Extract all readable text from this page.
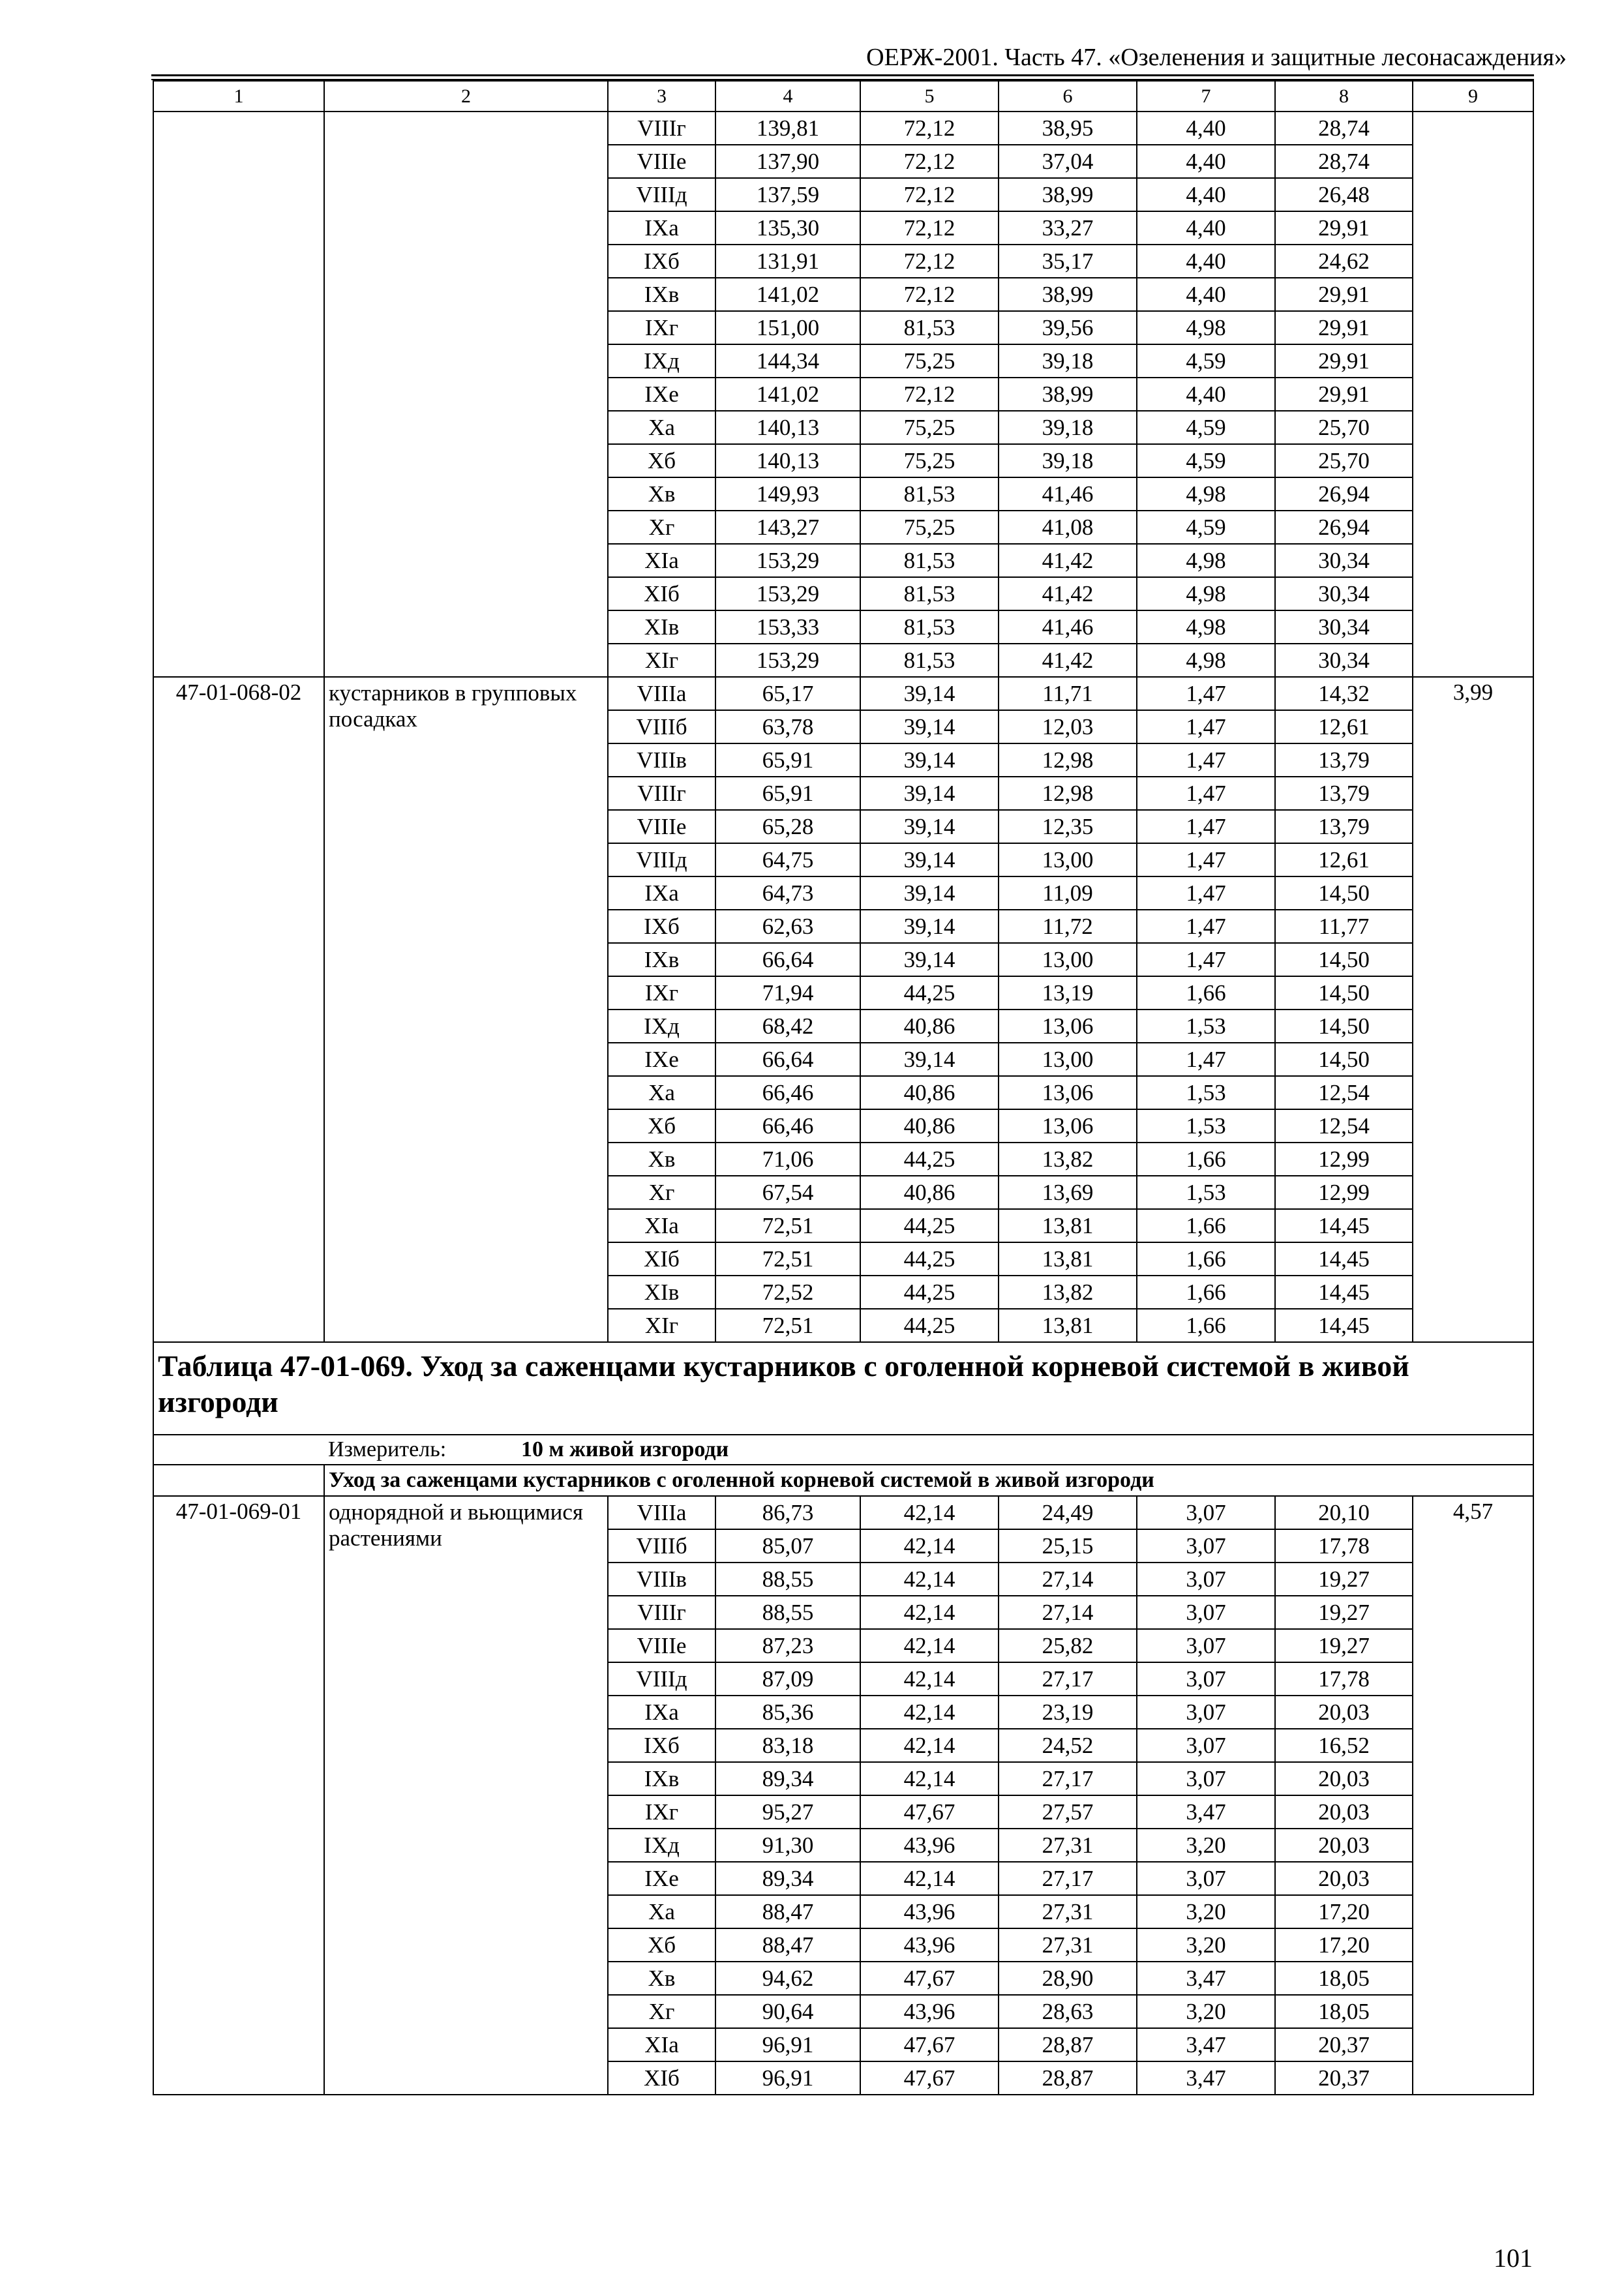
ОЕРЖ-2001. Часть 47. «Озеленения и защитные лесонасаждения»
1	2	3	4	5	6	7	8	9
		VIIIг	139,81	72,12	38,95	4,40	28,74	
		VIIIe	137,90	72,12	37,04	4,40	28,74	
		VIIIд	137,59	72,12	38,99	4,40	26,48	
		IXa	135,30	72,12	33,27	4,40	29,91	
		IXб	131,91	72,12	35,17	4,40	24,62	
		IXв	141,02	72,12	38,99	4,40	29,91	
		IXг	151,00	81,53	39,56	4,98	29,91	
		IXд	144,34	75,25	39,18	4,59	29,91	
		IXe	141,02	72,12	38,99	4,40	29,91	
		Xa	140,13	75,25	39,18	4,59	25,70	
		Xб	140,13	75,25	39,18	4,59	25,70	
		Xв	149,93	81,53	41,46	4,98	26,94	
		Xг	143,27	75,25	41,08	4,59	26,94	
		XIa	153,29	81,53	41,42	4,98	30,34	
		XIб	153,29	81,53	41,42	4,98	30,34	
		XIв	153,33	81,53	41,46	4,98	30,34	
		XIг	153,29	81,53	41,42	4,98	30,34	
47-01-068-02	кустарников в групповых посадках	VIIIa	65,17	39,14	11,71	1,47	14,32	3,99
		VIIIб	63,78	39,14	12,03	1,47	12,61	
		VIIIв	65,91	39,14	12,98	1,47	13,79	
		VIIIг	65,91	39,14	12,98	1,47	13,79	
		VIIIe	65,28	39,14	12,35	1,47	13,79	
		VIIIд	64,75	39,14	13,00	1,47	12,61	
		IXa	64,73	39,14	11,09	1,47	14,50	
		IXб	62,63	39,14	11,72	1,47	11,77	
		IXв	66,64	39,14	13,00	1,47	14,50	
		IXг	71,94	44,25	13,19	1,66	14,50	
		IXд	68,42	40,86	13,06	1,53	14,50	
		IXe	66,64	39,14	13,00	1,47	14,50	
		Xa	66,46	40,86	13,06	1,53	12,54	
		Xб	66,46	40,86	13,06	1,53	12,54	
		Xв	71,06	44,25	13,82	1,66	12,99	
		Xг	67,54	40,86	13,69	1,53	12,99	
		XIa	72,51	44,25	13,81	1,66	14,45	
		XIб	72,51	44,25	13,81	1,66	14,45	
		XIв	72,52	44,25	13,82	1,66	14,45	
		XIг	72,51	44,25	13,81	1,66	14,45	
Таблица 47-01-069. Уход за саженцами кустарников с оголенной корневой системой в живой изгороди								
	Измеритель: 10 м живой изгороди							
	Уход за саженцами кустарников с оголенной корневой системой в живой изгороди							
47-01-069-01	однорядной и вьющимися растениями	VIIIa	86,73	42,14	24,49	3,07	20,10	4,57
		VIIIб	85,07	42,14	25,15	3,07	17,78	
		VIIIв	88,55	42,14	27,14	3,07	19,27	
		VIIIг	88,55	42,14	27,14	3,07	19,27	
		VIIIe	87,23	42,14	25,82	3,07	19,27	
		VIIIд	87,09	42,14	27,17	3,07	17,78	
		IXa	85,36	42,14	23,19	3,07	20,03	
		IXб	83,18	42,14	24,52	3,07	16,52	
		IXв	89,34	42,14	27,17	3,07	20,03	
		IXг	95,27	47,67	27,57	3,47	20,03	
		IXд	91,30	43,96	27,31	3,20	20,03	
		IXe	89,34	42,14	27,17	3,07	20,03	
		Xa	88,47	43,96	27,31	3,20	17,20	
		Xб	88,47	43,96	27,31	3,20	17,20	
		Xв	94,62	47,67	28,90	3,47	18,05	
		Xг	90,64	43,96	28,63	3,20	18,05	
		XIa	96,91	47,67	28,87	3,47	20,37	
		XIб	96,91	47,67	28,87	3,47	20,37	
101
